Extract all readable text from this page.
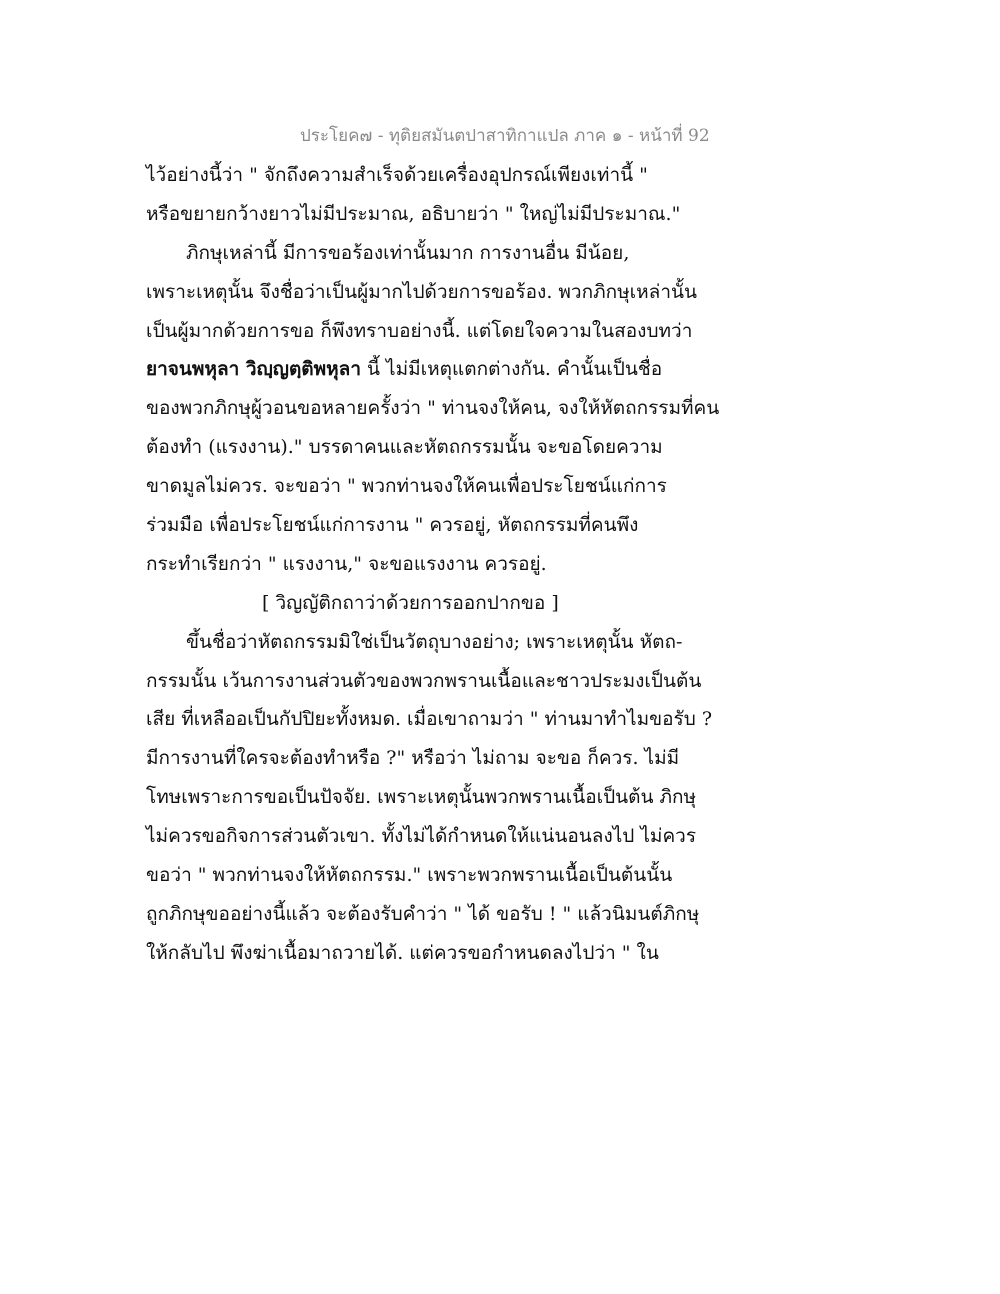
ประโยค๗ - ทุติยสมันตปาสาทิกาแปล ภาค ๑ - หน้าที่ 92
ไว้อย่างนี้ว่า " จักถึงความสำเร็จด้วยเครื่องอุปกรณ์เพียงเท่านี้ "
หรือขยายกว้างยาวไม่มีประมาณ, อธิบายว่า " ใหญ่ไม่มีประมาณ."
ภิกษุเหล่านี้ มีการขอร้องเท่านั้นมาก การงานอื่น มีน้อย,
เพราะเหตุนั้น จึงชื่อว่าเป็นผู้มากไปด้วยการขอร้อง. พวกภิกษุเหล่านั้น
เป็นผู้มากด้วยการขอ ก็พึงทราบอย่างนี้. แต่โดยใจความในสองบทว่า
ยาจนพหุลา วิญฺญตฺติพหุลา นี้ ไม่มีเหตุแตกต่างกัน. คำนั้นเป็นชื่อ
ของพวกภิกษุผู้วอนขอหลายครั้งว่า " ท่านจงให้คน, จงให้หัตถกรรมที่คน
ต้องทำ (แรงงาน)." บรรดาคนและหัตถกรรมนั้น จะขอโดยความ
ขาดมูลไม่ควร. จะขอว่า " พวกท่านจงให้คนเพื่อประโยชน์แก่การ
ร่วมมือ เพื่อประโยชน์แก่การงาน " ควรอยู่, หัตถกรรมที่คนพึง
กระทำเรียกว่า " แรงงาน," จะขอแรงงาน ควรอยู่.
[ วิญญัติกถาว่าด้วยการออกปากขอ ]
ขึ้นชื่อว่าหัตถกรรมมิใช่เป็นวัตถุบางอย่าง; เพราะเหตุนั้น หัตถ-
กรรมนั้น เว้นการงานส่วนตัวของพวกพรานเนื้อและชาวประมงเป็นต้น
เสีย ที่เหลืออเป็นกัปปิยะทั้งหมด. เมื่อเขาถามว่า " ท่านมาทำไมขอรับ ?
มีการงานที่ใครจะต้องทำหรือ ?" หรือว่า ไม่ถาม จะขอ ก็ควร. ไม่มี
โทษเพราะการขอเป็นปัจจัย. เพราะเหตุนั้นพวกพรานเนื้อเป็นต้น ภิกษุ
ไม่ควรขอกิจการส่วนตัวเขา. ทั้งไม่ได้กำหนดให้แน่นอนลงไป ไม่ควร
ขอว่า " พวกท่านจงให้หัตถกรรม." เพราะพวกพรานเนื้อเป็นต้นนั้น
ถูกภิกษุขออย่างนี้แล้ว จะต้องรับคำว่า " ได้ ขอรับ ! " แล้วนิมนต์ภิกษุ
ให้กลับไป พึงฆ่าเนื้อมาถวายได้. แต่ควรขอกำหนดลงไปว่า " ใน
